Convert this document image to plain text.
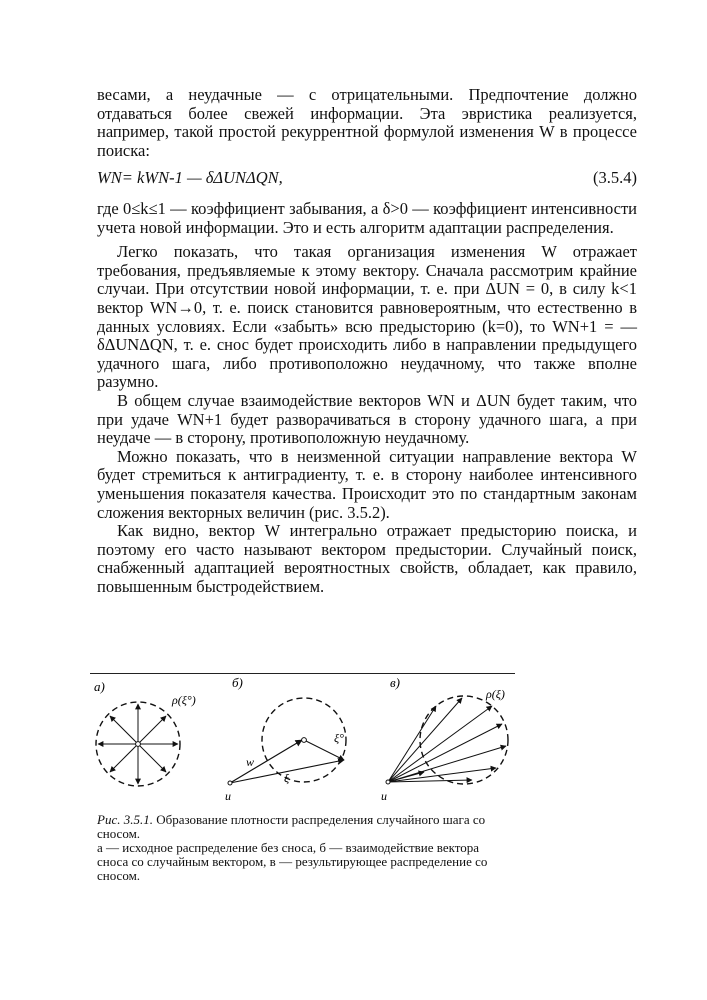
весами, а неудачные — с отрицательными. Предпочтение должно отдаваться более свежей информации. Эта эвристика реализуется, например, такой простой рекуррентной формулой изменения W в процессе поиска:

WN= kWN-1 — δΔUNΔQN,	(3.5.4)

где 0≤k≤1 — коэффициент забывания, а δ>0 — коэффициент интенсивности учета новой информации. Это и есть алгоритм адаптации распределения.

Легко показать, что такая организация изменения W отражает требования, предъявляемые к этому вектору. Сначала рассмотрим крайние случаи. При отсутствии новой информации, т. е. при ΔUN = 0, в силу k<1 вектор WN→0, т. е. поиск становится равновероятным, что естественно в данных условиях. Если «забыть» всю предысторию (k=0), то WN+1 = —δΔUNΔQN, т. е. снос будет происходить либо в направлении предыдущего удачного шага, либо противоположно неудачному, что также вполне разумно.

В общем случае взаимодействие векторов WN и ΔUN будет таким, что при удаче WN+1 будет разворачиваться в сторону удачного шага, а при неудаче — в сторону, противоположную неудачному.

Можно показать, что в неизменной ситуации направление вектора W будет стремиться к антиградиенту, т. е. в сторону наиболее интенсивного уменьшения показателя качества. Происходит это по стандартным законам сложения векторных величин (рис. 3.5.2).

Как видно, вектор W интегрально отражает предысторию поиска, и поэтому его часто называют вектором предыстории. Случайный поиск, снабженный адаптацией вероятностных свойств, обладает, как правило, повышенным быстродействием.

a)
ρ(ξ°)
б)
ξ°
w
ξ
u
в)
ρ(ξ)
u

Рис. 3.5.1. Образование плотности распределения случайного шага со сносом.

а — исходное распределение без сноса, б — взаимодействие вектора сноса со случайным вектором, в — результирующее распределение со сносом.
